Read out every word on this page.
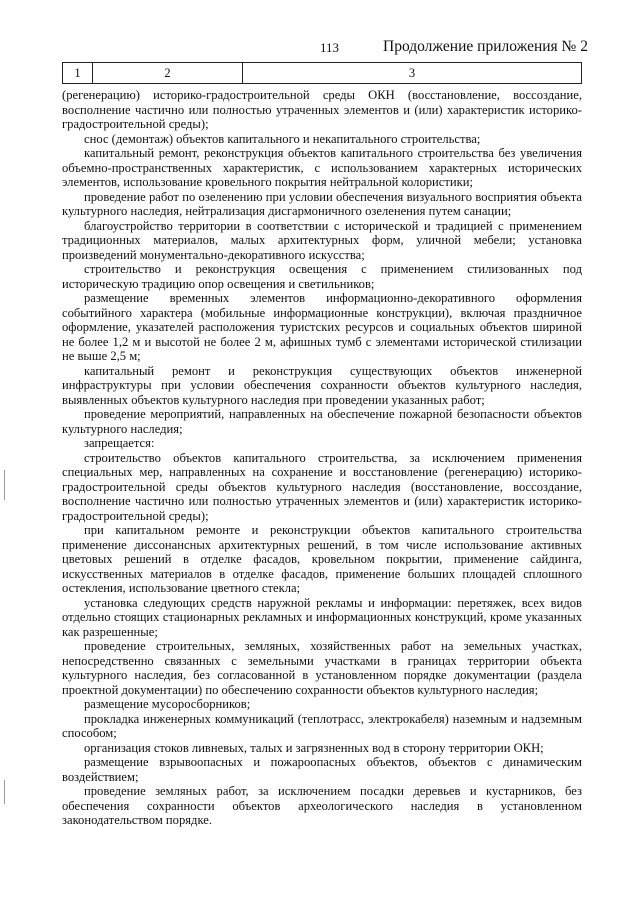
113	Продолжение приложения № 2
1	2	3

(регенерацию) историко-градостроительной среды ОКН (восстановление, воссоздание, восполнение частично или полностью утраченных элементов и (или) характеристик историко-градостроительной среды);

снос (демонтаж) объектов капитального и некапитального строительства;

капитальный ремонт, реконструкция объектов капитального строительства без увеличения объемно-пространственных характеристик, с использованием характерных исторических элементов, использование кровельного покрытия нейтральной колористики;

проведение работ по озеленению при условии обеспечения визуального восприятия объекта культурного наследия, нейтрализация дисгармоничного озеленения путем санации;

благоустройство территории в соответствии с исторической и традицией с применением традиционных материалов, малых архитектурных форм, уличной мебели; установка произведений монументально-декоративного искусства;

строительство и реконструкция освещения с применением стилизованных под историческую традицию опор освещения и светильников;

размещение временных элементов информационно-декоративного оформления событийного характера (мобильные информационные конструкции), включая праздничное оформление, указателей расположения туристских ресурсов и социальных объектов шириной не более 1,2 м и высотой не более 2 м, афишных тумб с элементами исторической стилизации не выше 2,5 м;

капитальный ремонт и реконструкция существующих объектов инженерной инфраструктуры при условии обеспечения сохранности объектов культурного наследия, выявленных объектов культурного наследия при проведении указанных работ;

проведение мероприятий, направленных на обеспечение пожарной безопасности объектов культурного наследия;

запрещается:

строительство объектов капитального строительства, за исключением применения специальных мер, направленных на сохранение и восстановление (регенерацию) историко-градостроительной среды объектов культурного наследия (восстановление, воссоздание, восполнение частично или полностью утраченных элементов и (или) характеристик историко-градостроительной среды);

при капитальном ремонте и реконструкции объектов капитального строительства применение диссонансных архитектурных решений, в том числе использование активных цветовых решений в отделке фасадов, кровельном покрытии, применение сайдинга, искусственных материалов в отделке фасадов, применение больших площадей сплошного остекления, использование цветного стекла;

установка следующих средств наружной рекламы и информации: перетяжек, всех видов отдельно стоящих стационарных рекламных и информационных конструкций, кроме указанных как разрешенные;

проведение строительных, земляных, хозяйственных работ на земельных участках, непосредственно связанных с земельными участками в границах территории объекта культурного наследия, без согласованной в установленном порядке документации (раздела проектной документации) по обеспечению сохранности объектов культурного наследия;

размещение мусоросборников;

прокладка инженерных коммуникаций (теплотрасс, электрокабеля) наземным и надземным способом;

организация стоков ливневых, талых и загрязненных вод в сторону территории ОКН;

размещение взрывоопасных и пожароопасных объектов, объектов с динамическим воздействием;

проведение земляных работ, за исключением посадки деревьев и кустарников, без обеспечения сохранности объектов археологического наследия в установленном законодательством порядке.
